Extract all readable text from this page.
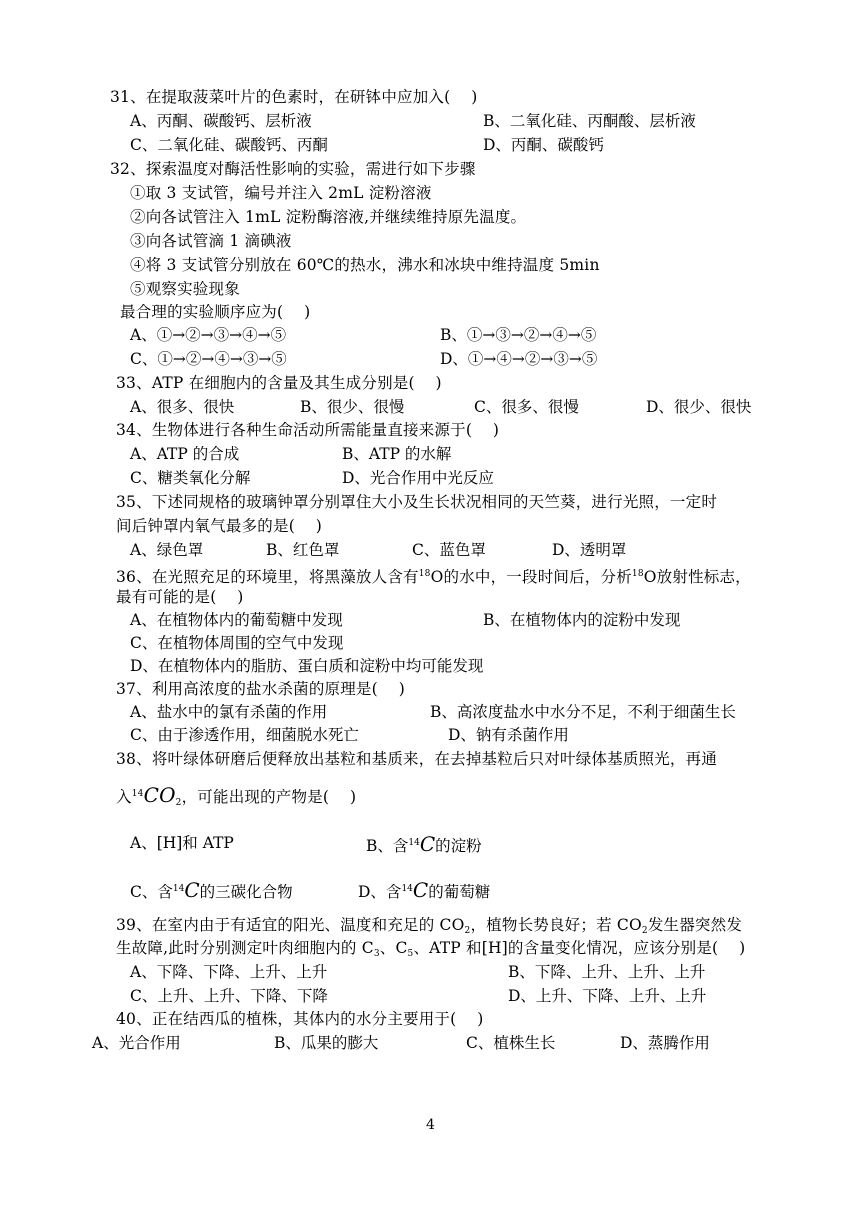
31、在提取菠菜叶片的色素时，在研钵中应加入(　 )
A、丙酮、碳酸钙、层析液	B、二氧化硅、丙酮酸、层析液
C、二氧化硅、碳酸钙、丙酮	D、丙酮、碳酸钙
32、探索温度对酶活性影响的实验，需进行如下步骤
①取 3 支试管，编号并注入 2mL 淀粉溶液
②向各试管注入 1mL 淀粉酶溶液,并继续维持原先温度。
③向各试管滴 1 滴碘液
④将 3 支试管分别放在 60℃的热水，沸水和冰块中维持温度 5min
⑤观察实验现象
最合理的实验顺序应为(　 )
A、①→②→③→④→⑤	B、①→③→②→④→⑤
C、①→②→④→③→⑤	D、①→④→②→③→⑤
33、ATP 在细胞内的含量及其生成分别是(　 )
A、很多、很快	B、很少、很慢	C、很多、很慢	D、很少、很快
34、生物体进行各种生命活动所需能量直接来源于(　 )
A、ATP 的合成	B、ATP 的水解
C、糖类氧化分解	D、光合作用中光反应
35、下述同规格的玻璃钟罩分别罩住大小及生长状况相同的天竺葵，进行光照，一定时
间后钟罩内氧气最多的是(　 )
A、绿色罩	B、红色罩	C、蓝色罩	D、透明罩
36、在光照充足的环境里，将黑藻放人含有$^{18}$O的水中，一段时间后，分析$^{18}$O放射性标志，
最有可能的是(　 )
A、在植物体内的葡萄糖中发现	B、在植物体内的淀粉中发现
C、在植物体周围的空气中发现
D、在植物体内的脂肪、蛋白质和淀粉中均可能发现
37、利用高浓度的盐水杀菌的原理是(　 )
A、盐水中的氯有杀菌的作用	B、高浓度盐水中水分不足，不利于细菌生长
C、由于渗透作用，细菌脱水死亡	D、钠有杀菌作用
38、将叶绿体研磨后便释放出基粒和基质来，在去掉基粒后只对叶绿体基质照光，再通
入$^{14}CO_2$，可能出现的产物是(　 )
A、[H]和 ATP	B、含$^{14}$C的淀粉
C、含$^{14}$C的三碳化合物	D、含$^{14}$C的葡萄糖
39、在室内由于有适宜的阳光、温度和充足的 $CO_2$，植物长势良好；若 $CO_2$发生器突然发
生故障,此时分别测定叶肉细胞内的 $C_3$、$C_5$、ATP 和[H]的含量变化情况，应该分别是(　 )
A、下降、下降、上升、上升	B、下降、上升、上升、上升
C、上升、上升、下降、下降	D、上升、下降、上升、上升
40、正在结西瓜的植株，其体内的水分主要用于(　 )
A、光合作用	B、瓜果的膨大	C、植株生长	D、蒸腾作用
4
